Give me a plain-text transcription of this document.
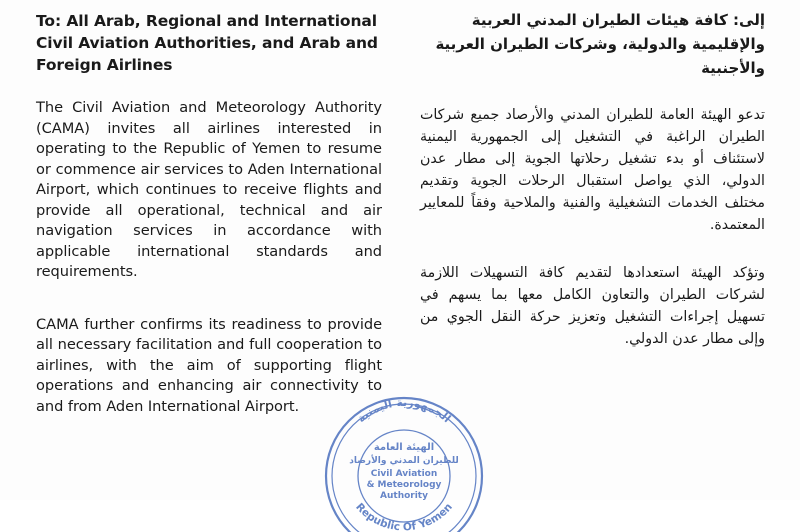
To: All Arab, Regional and International Civil Aviation Authorities, and Arab and Foreign Airlines

The Civil Aviation and Meteorology Authority (CAMA) invites all airlines interested in operating to the Republic of Yemen to resume or commence air services to Aden International Airport, which continues to receive flights and provide all operational, technical and air navigation services in accordance with applicable international standards and requirements.

CAMA further confirms its readiness to provide all necessary facilitation and full cooperation to airlines, with the aim of supporting flight operations and enhancing air connectivity to and from Aden International Airport.

إلى: كافة هيئات الطيران المدني العربية والإقليمية والدولية، وشركات الطيران العربية والأجنبية

تدعو الهيئة العامة للطيران المدني والأرصاد جميع شركات الطيران الراغبة في التشغيل إلى الجمهورية اليمنية لاستئناف أو بدء تشغيل رحلاتها الجوية إلى مطار عدن الدولي، الذي يواصل استقبال الرحلات الجوية وتقديم مختلف الخدمات التشغيلية والفنية والملاحية وفقاً للمعايير المعتمدة.

وتؤكد الهيئة استعدادها لتقديم كافة التسهيلات اللازمة لشركات الطيران والتعاون الكامل معها بما يسهم في تسهيل إجراءات التشغيل وتعزيز حركة النقل الجوي من وإلى مطار عدن الدولي.

الجمهورية اليمنية
الهيئة العامة
للطيران المدني والأرصاد
Civil Aviation
& Meteorology
Authority
Republic Of Yemen
